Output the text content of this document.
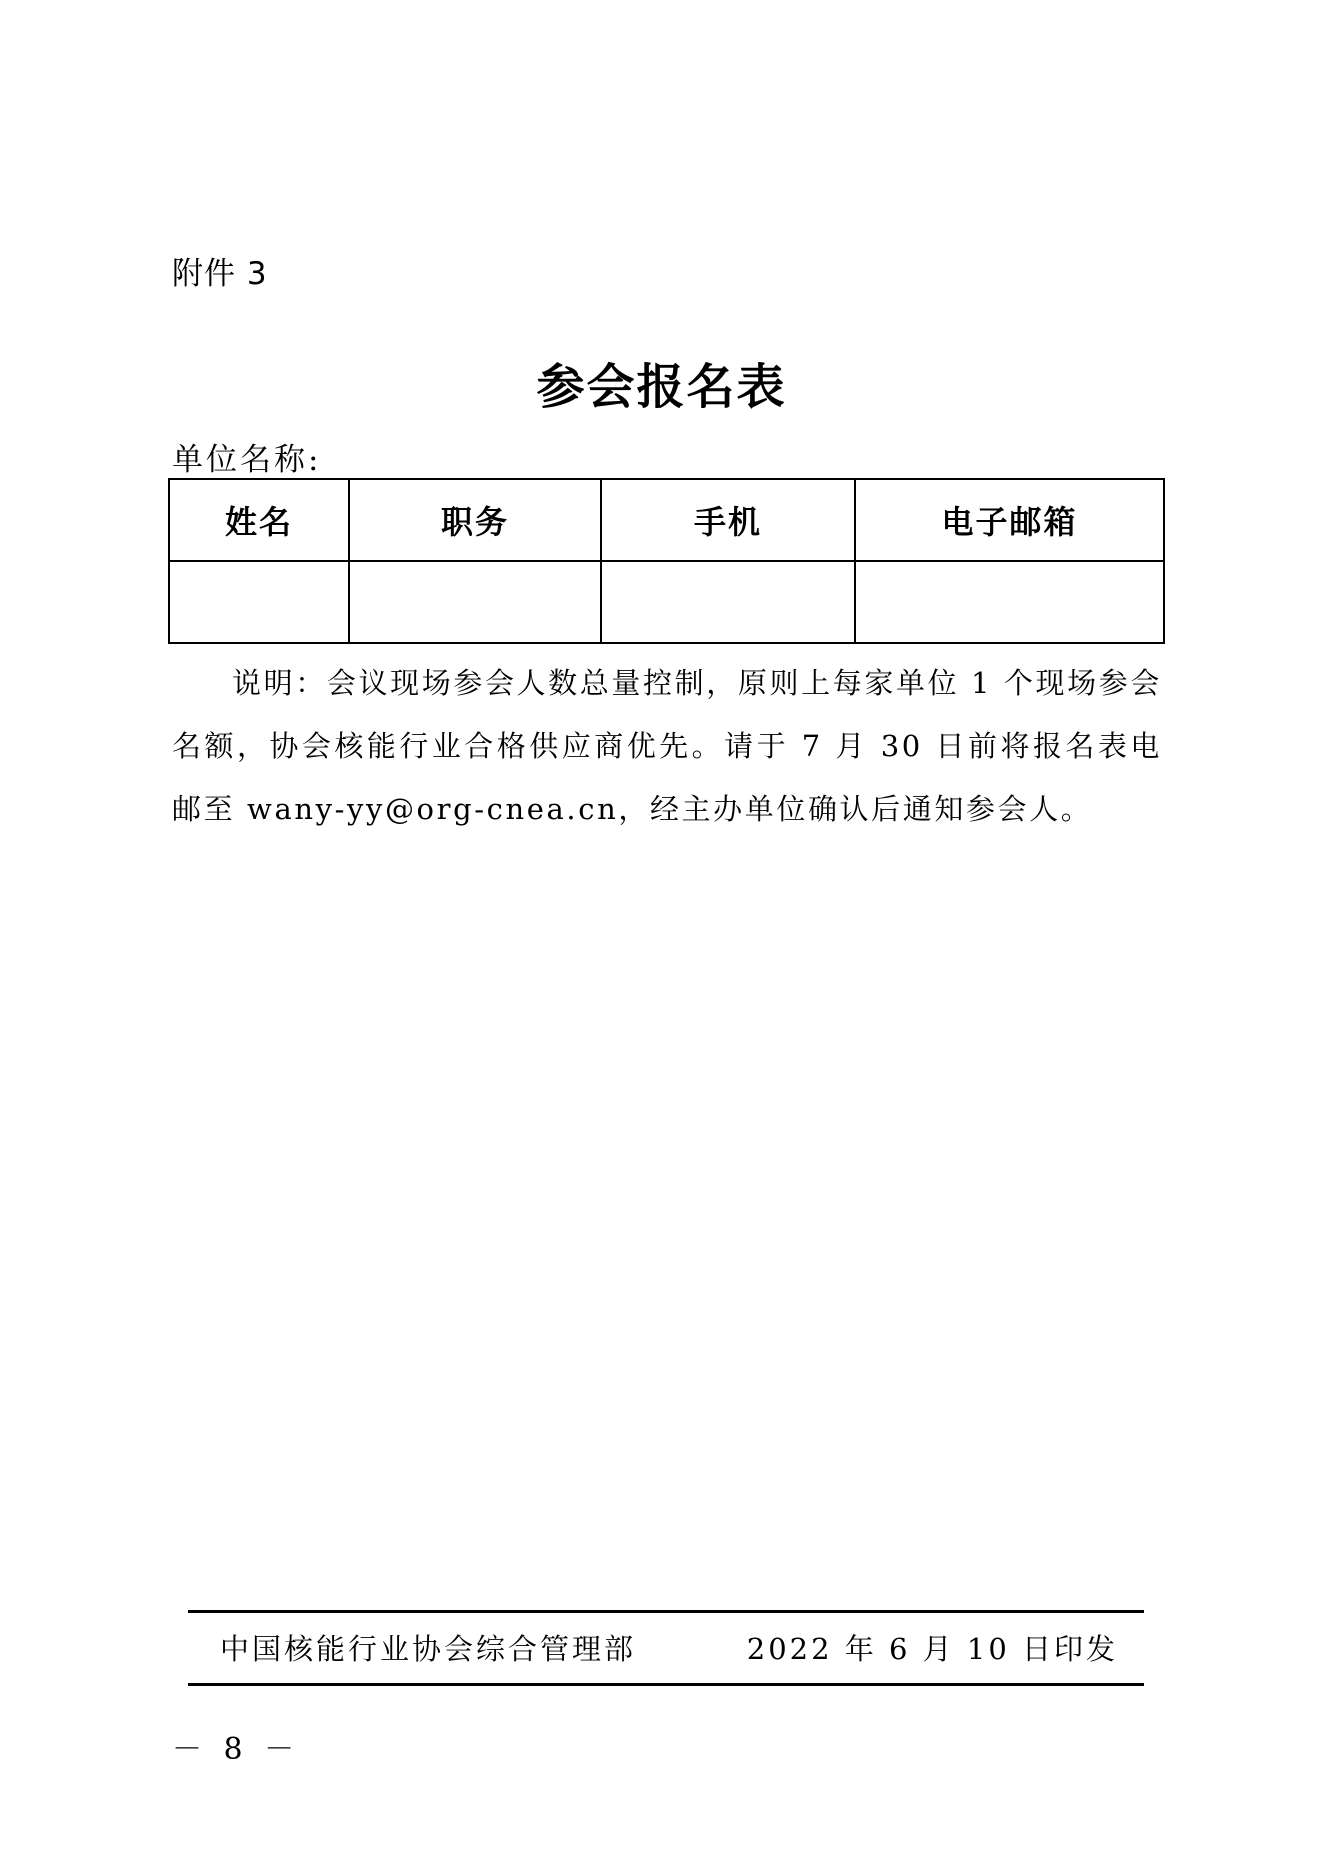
附件 3
参会报名表
单位名称:
姓名	职务	手机	电子邮箱

说明：会议现场参会人数总量控制，原则上每家单位 1 个现场参会名额，协会核能行业合格供应商优先。请于 7 月 30 日前将报名表电邮至 wany-yy@org-cnea.cn，经主办单位确认后通知参会人。

中国核能行业协会综合管理部	2022 年 6 月 10 日印发
－ 8 －
